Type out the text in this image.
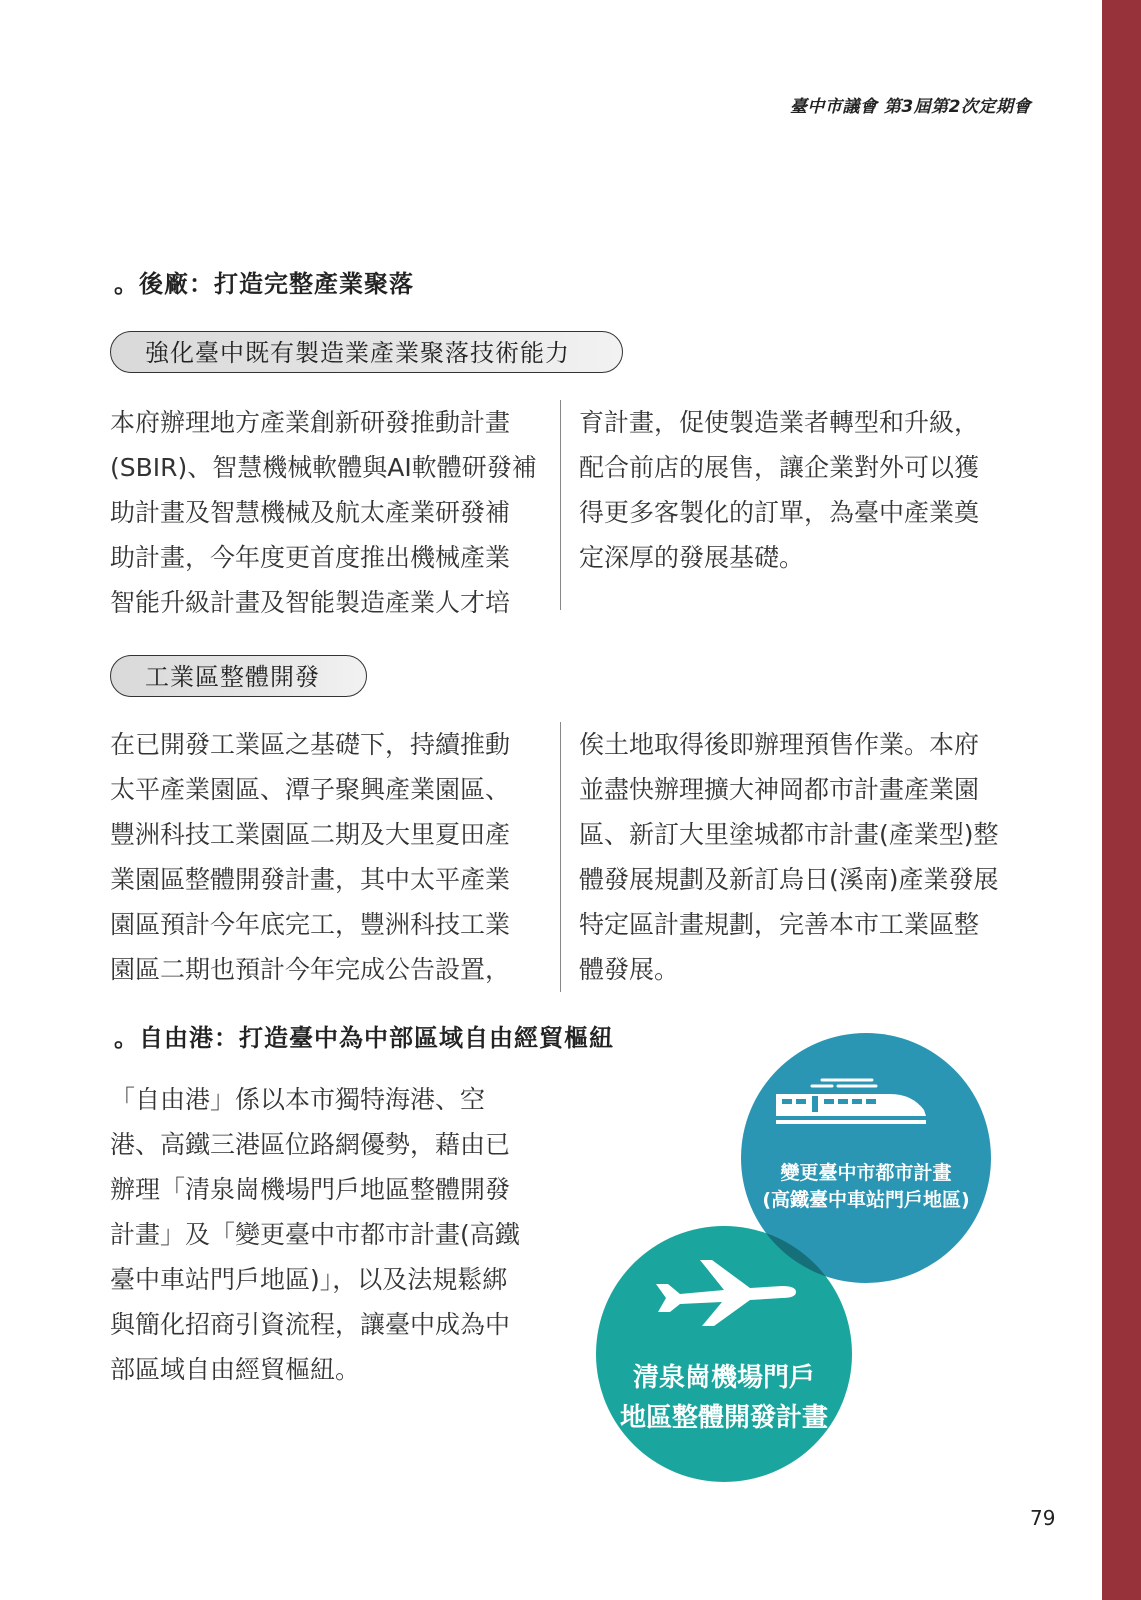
臺中市議會 第3屆第2次定期會
。後廠：打造完整產業聚落
強化臺中既有製造業產業聚落技術能力
本府辦理地方產業創新研發推動計畫
(SBIR)、智慧機械軟體與AI軟體研發補
助計畫及智慧機械及航太產業研發補
助計畫，今年度更首度推出機械產業
智能升級計畫及智能製造產業人才培
育計畫，促使製造業者轉型和升級，
配合前店的展售，讓企業對外可以獲
得更多客製化的訂單，為臺中產業奠
定深厚的發展基礎。
工業區整體開發
在已開發工業區之基礎下，持續推動
太平產業園區、潭子聚興產業園區、
豐洲科技工業園區二期及大里夏田產
業園區整體開發計畫，其中太平產業
園區預計今年底完工，豐洲科技工業
園區二期也預計今年完成公告設置，
俟土地取得後即辦理預售作業。本府
並盡快辦理擴大神岡都市計畫產業園
區、新訂大里塗城都市計畫(產業型)整
體發展規劃及新訂烏日(溪南)產業發展
特定區計畫規劃，完善本市工業區整
體發展。
。自由港：打造臺中為中部區域自由經貿樞紐
「自由港」係以本市獨特海港、空
港、高鐵三港區位路網優勢，藉由已
辦理「清泉崗機場門戶地區整體開發
計畫」及「變更臺中市都市計畫(高鐵
臺中車站門戶地區)」，以及法規鬆綁
與簡化招商引資流程，讓臺中成為中
部區域自由經貿樞紐。
變更臺中市都市計畫
(高鐵臺中車站門戶地區)
清泉崗機場門戶
地區整體開發計畫
79
